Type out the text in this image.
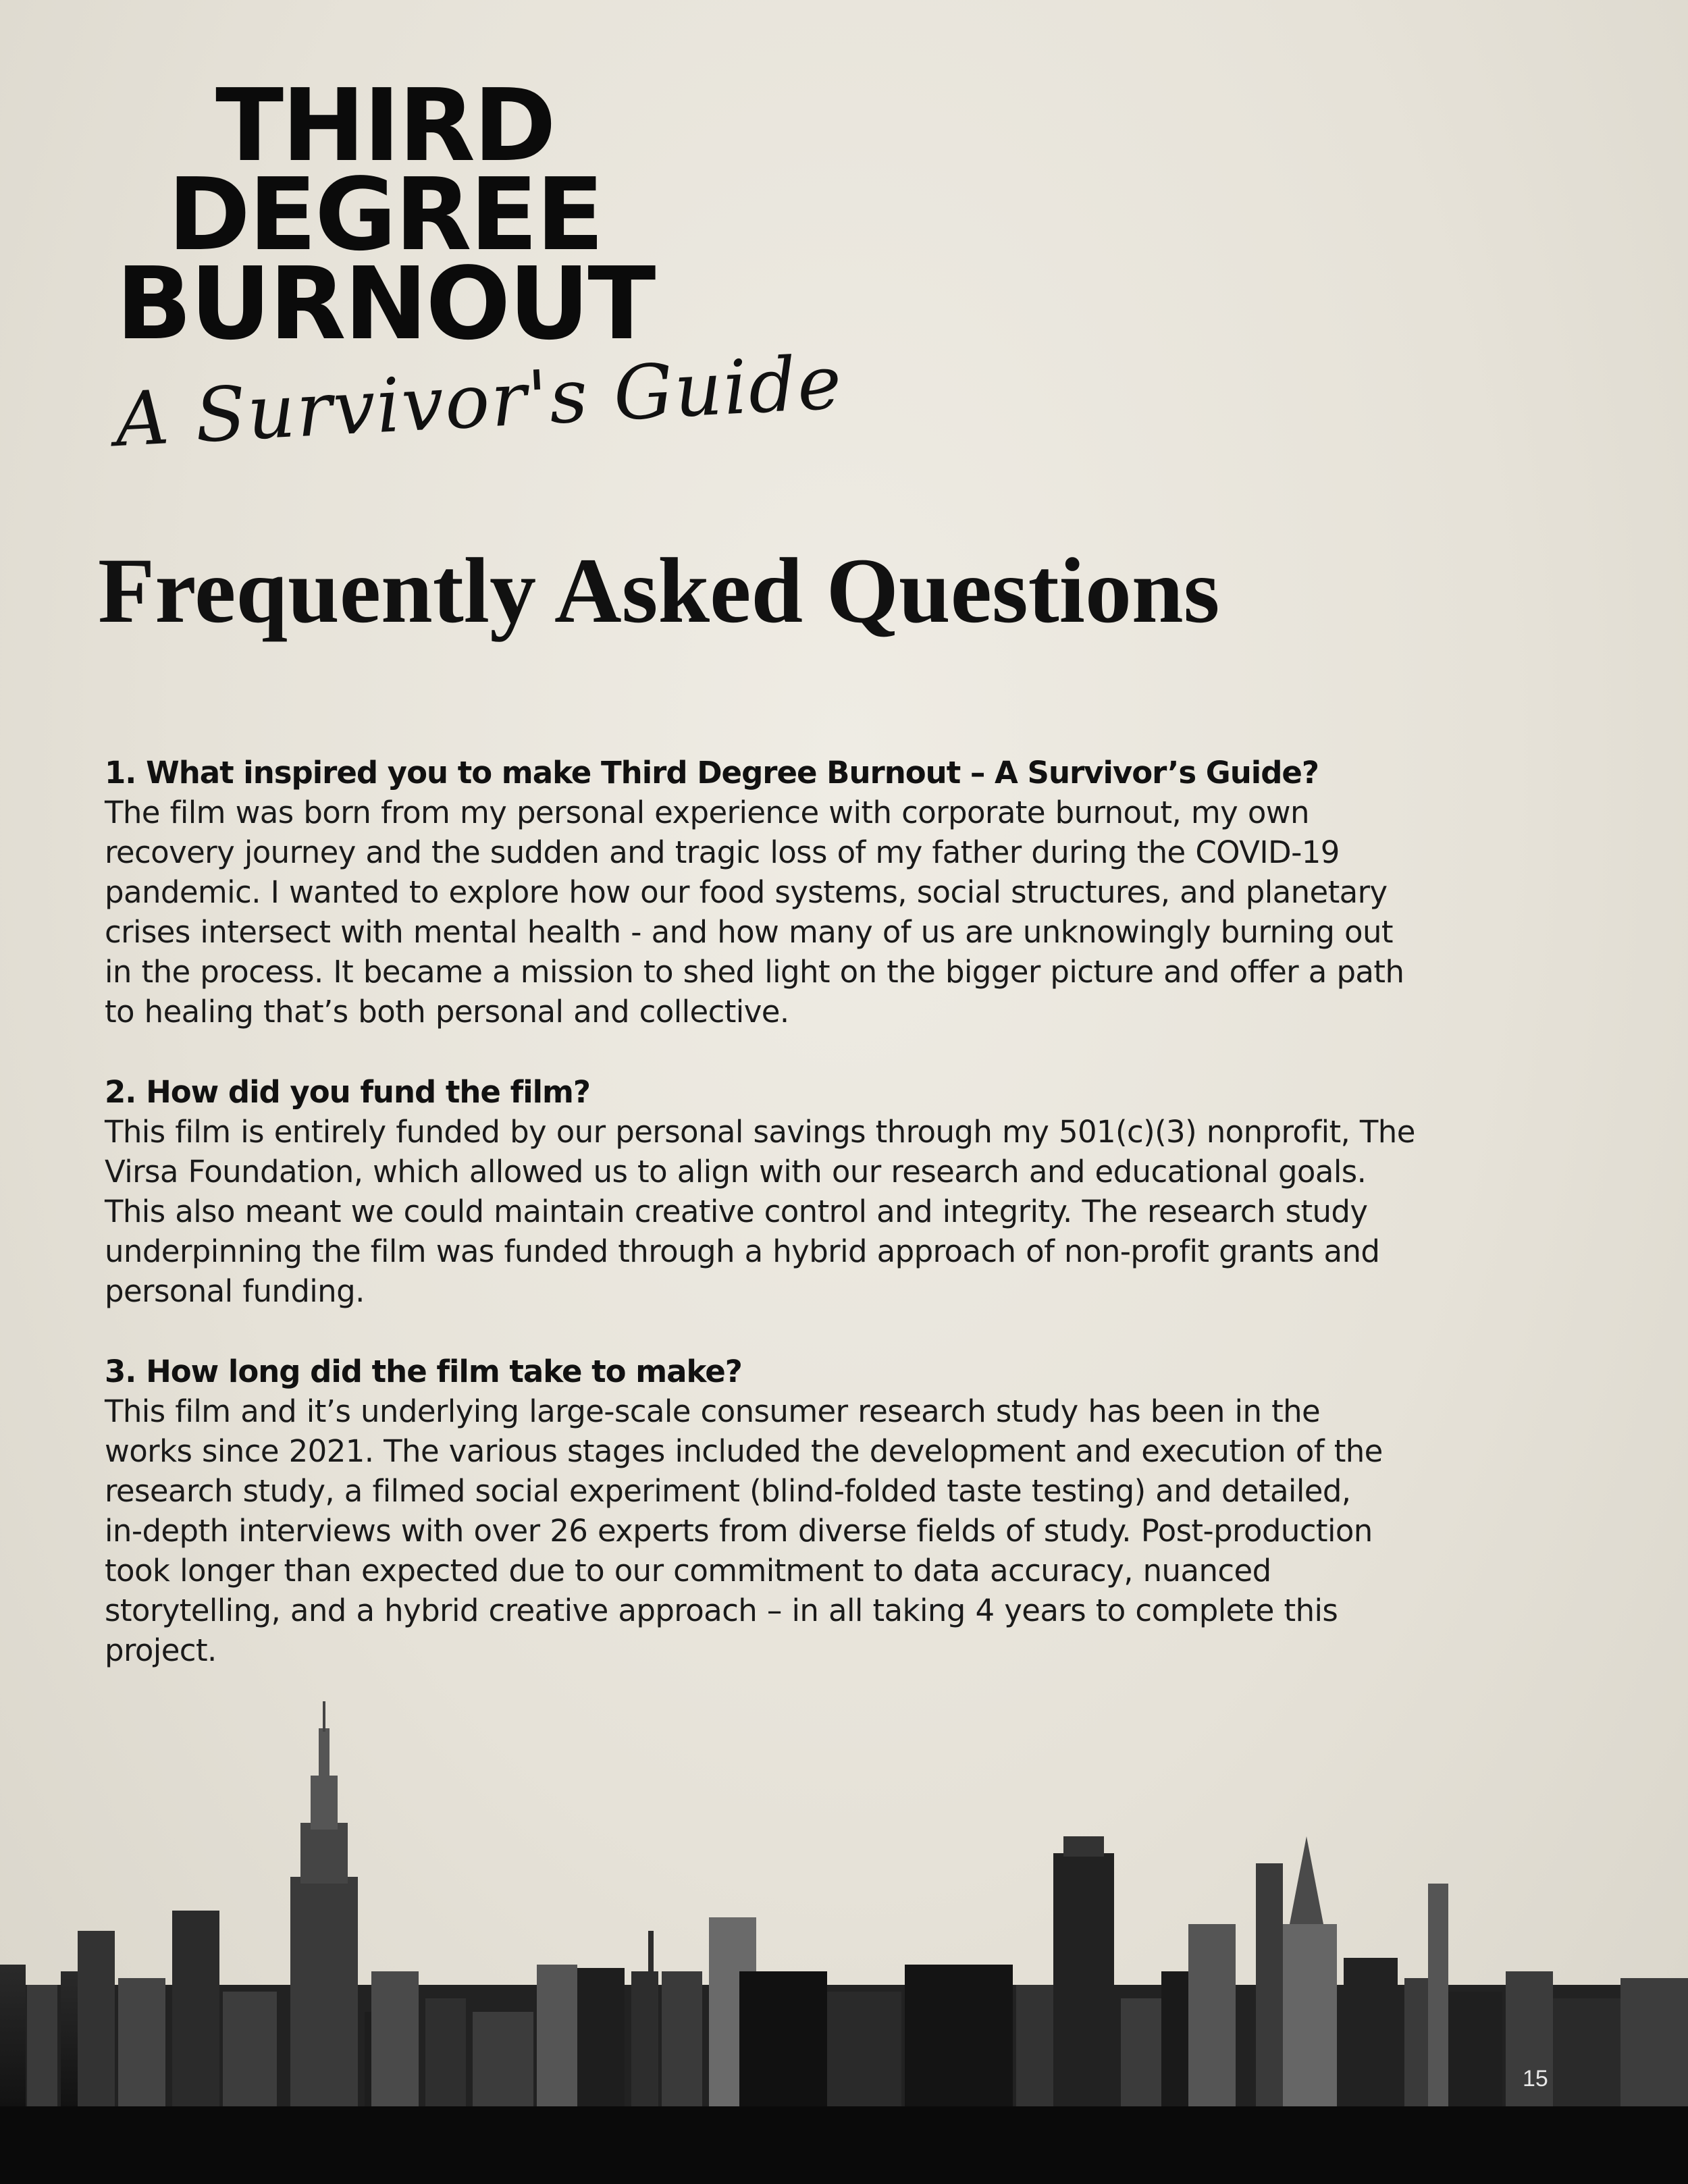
THIRD
DEGREE
BURNOUT
A Survivor's Guide
Frequently Asked Questions
1. What inspired you to make Third Degree Burnout – A Survivor’s Guide?
The film was born from my personal experience with corporate burnout, my own
recovery journey and the sudden and tragic loss of my father during the COVID-19
pandemic. I wanted to explore how our food systems, social structures, and planetary
crises intersect with mental health - and how many of us are unknowingly burning out
in the process. It became a mission to shed light on the bigger picture and offer a path
to healing that’s both personal and collective.
2. How did you fund the film?
This film is entirely funded by our personal savings through my 501(c)(3) nonprofit, The
Virsa Foundation, which allowed us to align with our research and educational goals.
This also meant we could maintain creative control and integrity. The research study
underpinning the film was funded through a hybrid approach of non-profit grants and
personal funding.
3. How long did the film take to make?
This film and it’s underlying large-scale consumer research study has been in the
works since 2021. The various stages included the development and execution of the
research study, a filmed social experiment (blind-folded taste testing) and detailed,
in-depth interviews with over 26 experts from diverse fields of study. Post-production
took longer than expected due to our commitment to data accuracy, nuanced
storytelling, and a hybrid creative approach – in all taking 4 years to complete this
project.
15
